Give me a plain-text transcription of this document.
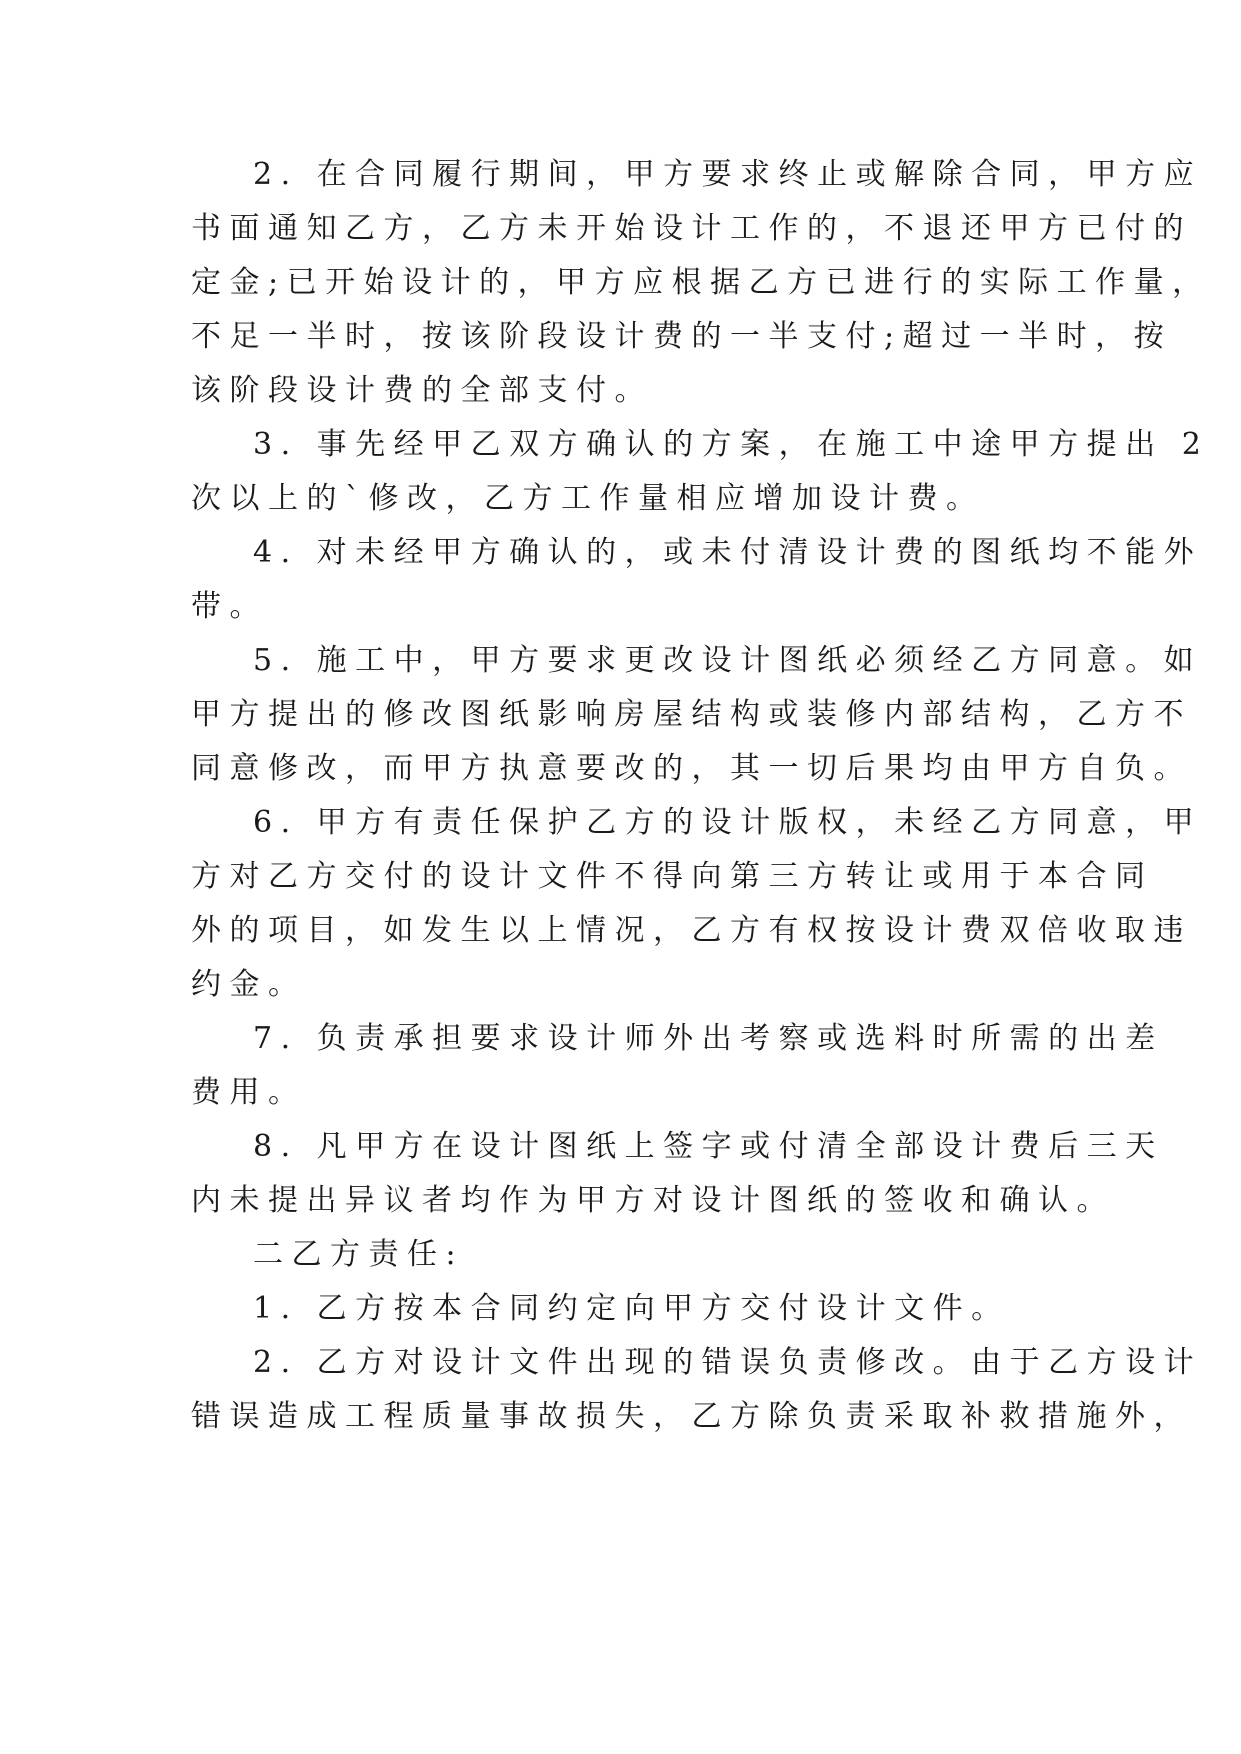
2. 在合同履行期间，甲方要求终止或解除合同，甲方应
书面通知乙方，乙方未开始设计工作的，不退还甲方已付的
定金;已开始设计的，甲方应根据乙方已进行的实际工作量，
不足一半时，按该阶段设计费的一半支付;超过一半时，按
该阶段设计费的全部支付。
3. 事先经甲乙双方确认的方案，在施工中途甲方提出 2
次以上的`修改，乙方工作量相应增加设计费。
4. 对未经甲方确认的，或未付清设计费的图纸均不能外
带。
5. 施工中，甲方要求更改设计图纸必须经乙方同意。如
甲方提出的修改图纸影响房屋结构或装修内部结构，乙方不
同意修改，而甲方执意要改的，其一切后果均由甲方自负。
6. 甲方有责任保护乙方的设计版权，未经乙方同意，甲
方对乙方交付的设计文件不得向第三方转让或用于本合同
外的项目，如发生以上情况，乙方有权按设计费双倍收取违
约金。
7. 负责承担要求设计师外出考察或选料时所需的出差
费用。
8. 凡甲方在设计图纸上签字或付清全部设计费后三天
内未提出异议者均作为甲方对设计图纸的签收和确认。
二乙方责任:
1. 乙方按本合同约定向甲方交付设计文件。
2. 乙方对设计文件出现的错误负责修改。由于乙方设计
错误造成工程质量事故损失，乙方除负责采取补救措施外，
